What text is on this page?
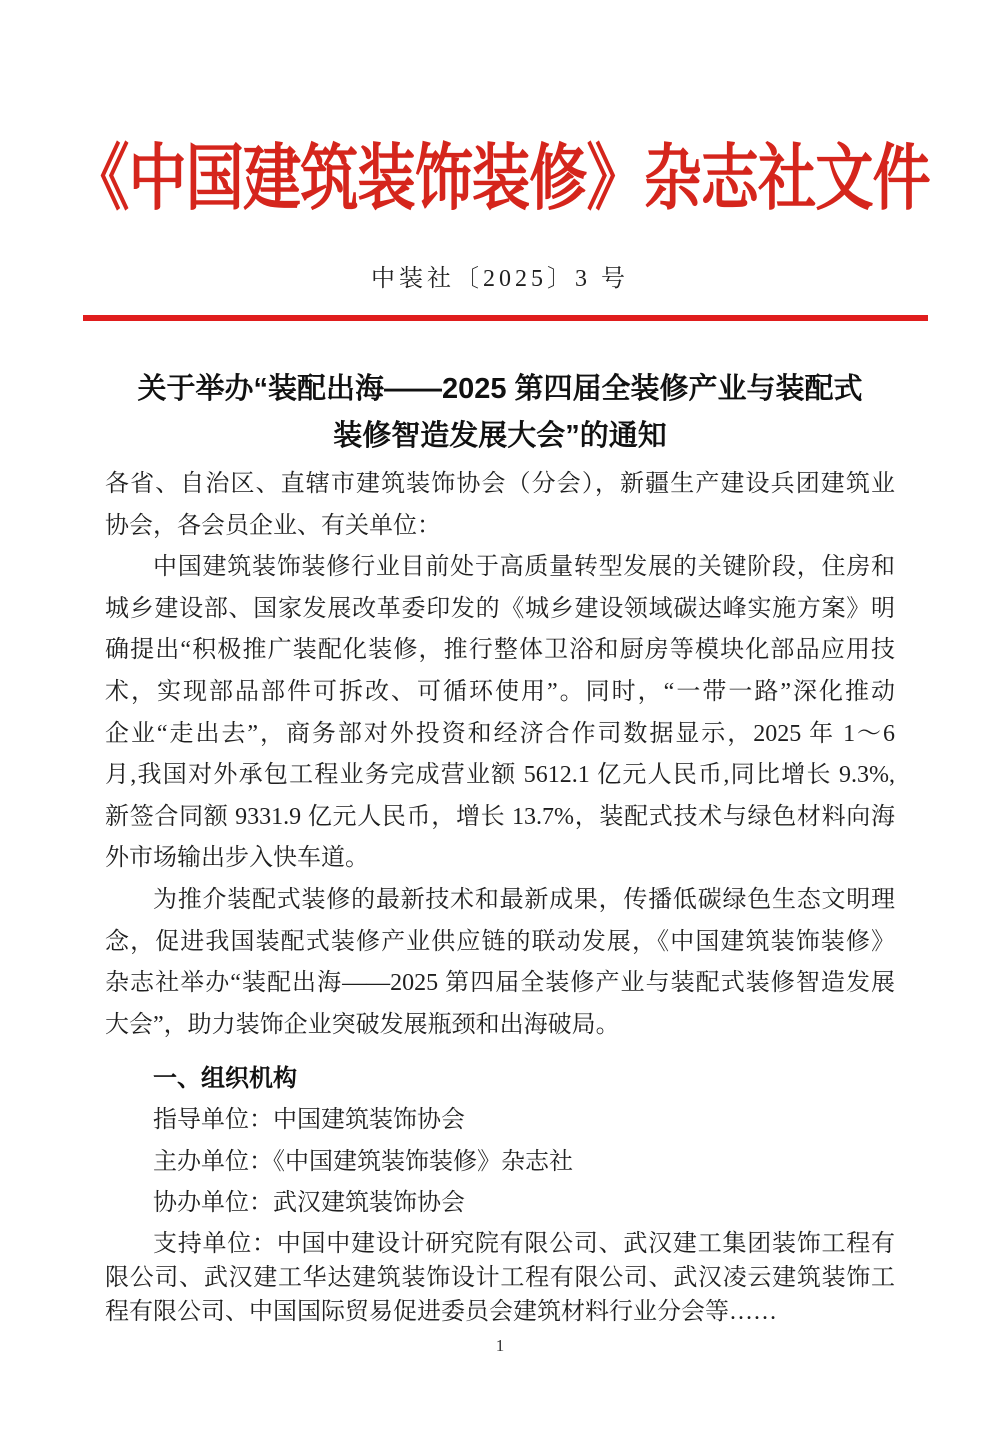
《中国建筑装饰装修》杂志社文件
中装社〔2025〕3 号
关于举办“装配出海——2025 第四届全装修产业与装配式
装修智造发展大会”的通知
各省、自治区、直辖市建筑装饰协会（分会），新疆生产建设兵团建筑业
协会，各会员企业、有关单位：
中国建筑装饰装修行业目前处于高质量转型发展的关键阶段，住房和
城乡建设部、国家发展改革委印发的《城乡建设领域碳达峰实施方案》明
确提出“积极推广装配化装修，推行整体卫浴和厨房等模块化部品应用技
术，实现部品部件可拆改、可循环使用”。同时，“一带一路”深化推动
企业“走出去”，商务部对外投资和经济合作司数据显示，2025 年 1～6
月,我国对外承包工程业务完成营业额 5612.1 亿元人民币,同比增长 9.3%,
新签合同额 9331.9 亿元人民币，增长 13.7%，装配式技术与绿色材料向海
外市场输出步入快车道。
为推介装配式装修的最新技术和最新成果，传播低碳绿色生态文明理
念，促进我国装配式装修产业供应链的联动发展，《中国建筑装饰装修》
杂志社举办“装配出海——2025 第四届全装修产业与装配式装修智造发展
大会”，助力装饰企业突破发展瓶颈和出海破局。
一、组织机构
指导单位：中国建筑装饰协会
主办单位：《中国建筑装饰装修》杂志社
协办单位：武汉建筑装饰协会
支持单位：中国中建设计研究院有限公司、武汉建工集团装饰工程有
限公司、武汉建工华达建筑装饰设计工程有限公司、武汉凌云建筑装饰工
程有限公司、中国国际贸易促进委员会建筑材料行业分会等……
1
